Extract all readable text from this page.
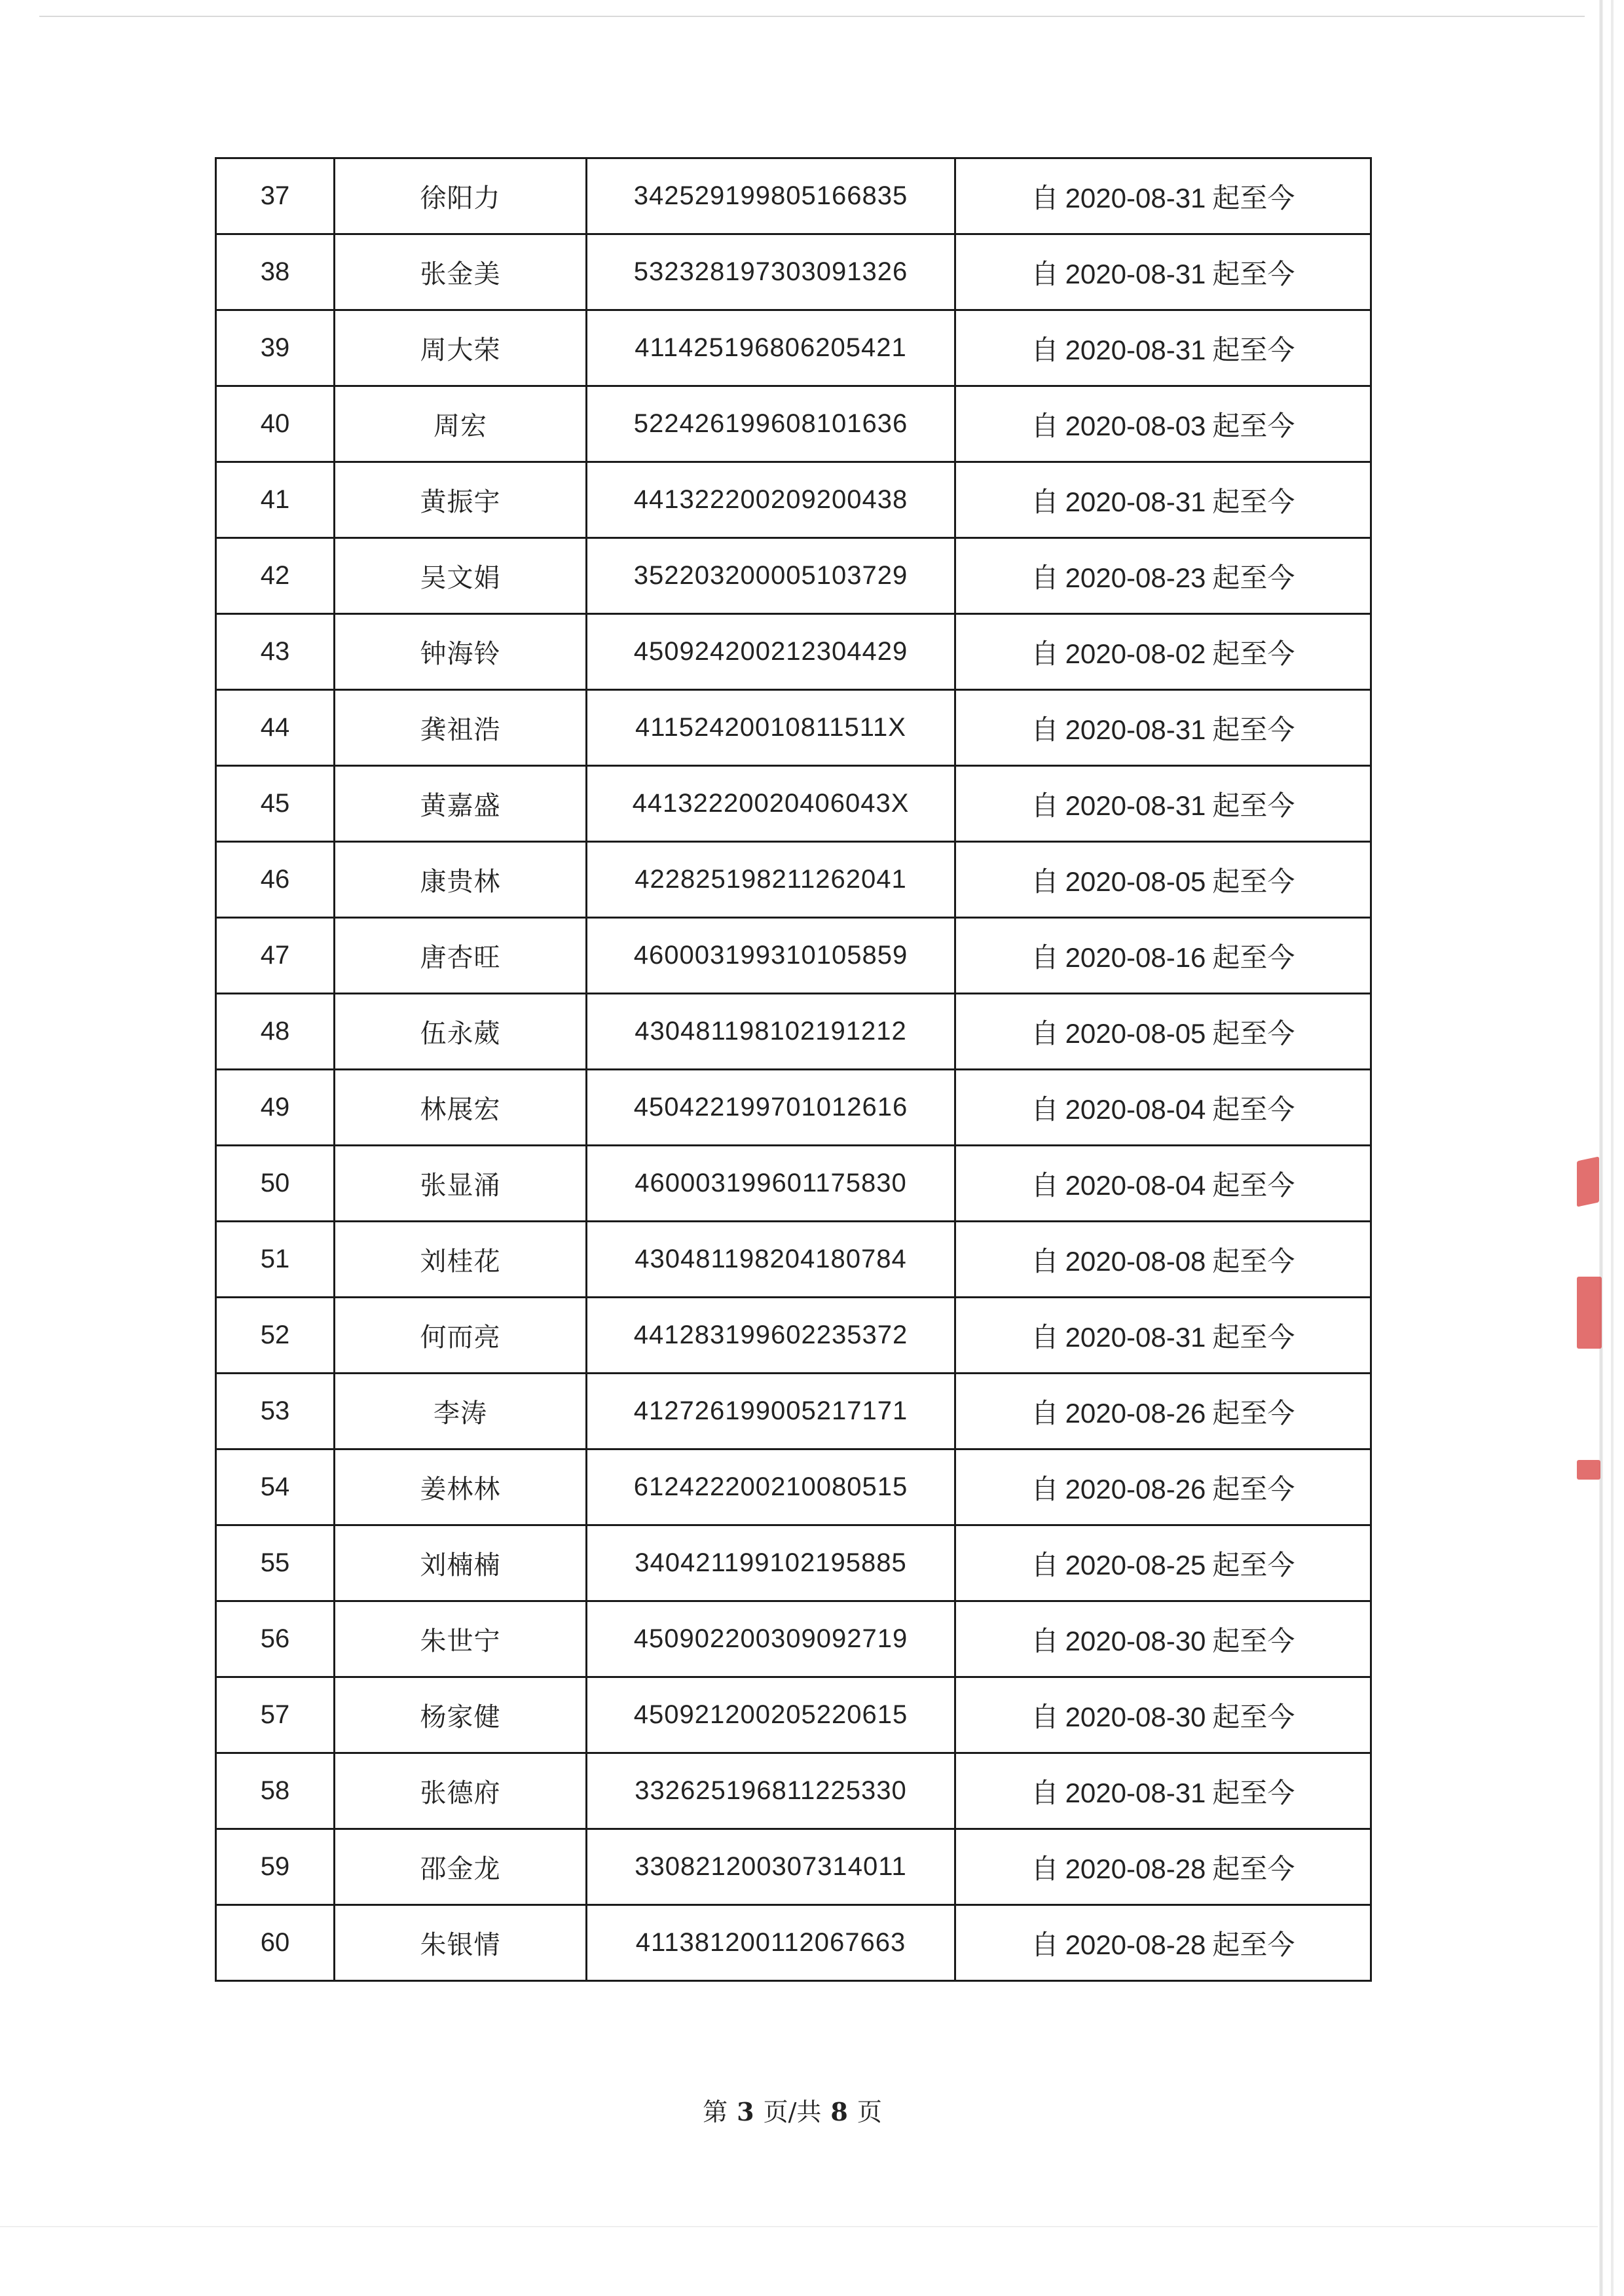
37	徐阳力	342529199805166835	自 2020-08-31 起至今
38	张金美	532328197303091326	自 2020-08-31 起至今
39	周大荣	411425196806205421	自 2020-08-31 起至今
40	周宏	522426199608101636	自 2020-08-03 起至今
41	黄振宇	441322200209200438	自 2020-08-31 起至今
42	吴文娟	352203200005103729	自 2020-08-23 起至今
43	钟海铃	450924200212304429	自 2020-08-02 起至今
44	龚祖浩	41152420010811511X	自 2020-08-31 起至今
45	黄嘉盛	44132220020406043X	自 2020-08-31 起至今
46	康贵林	422825198211262041	自 2020-08-05 起至今
47	唐杏旺	460003199310105859	自 2020-08-16 起至今
48	伍永葳	430481198102191212	自 2020-08-05 起至今
49	林展宏	450422199701012616	自 2020-08-04 起至今
50	张显涌	460003199601175830	自 2020-08-04 起至今
51	刘桂花	430481198204180784	自 2020-08-08 起至今
52	何而亮	441283199602235372	自 2020-08-31 起至今
53	李涛	412726199005217171	自 2020-08-26 起至今
54	姜林林	612422200210080515	自 2020-08-26 起至今
55	刘楠楠	340421199102195885	自 2020-08-25 起至今
56	朱世宁	450902200309092719	自 2020-08-30 起至今
57	杨家健	450921200205220615	自 2020-08-30 起至今
58	张德府	332625196811225330	自 2020-08-31 起至今
59	邵金龙	330821200307314011	自 2020-08-28 起至今
60	朱银情	411381200112067663	自 2020-08-28 起至今
第 3 页/共 8 页
